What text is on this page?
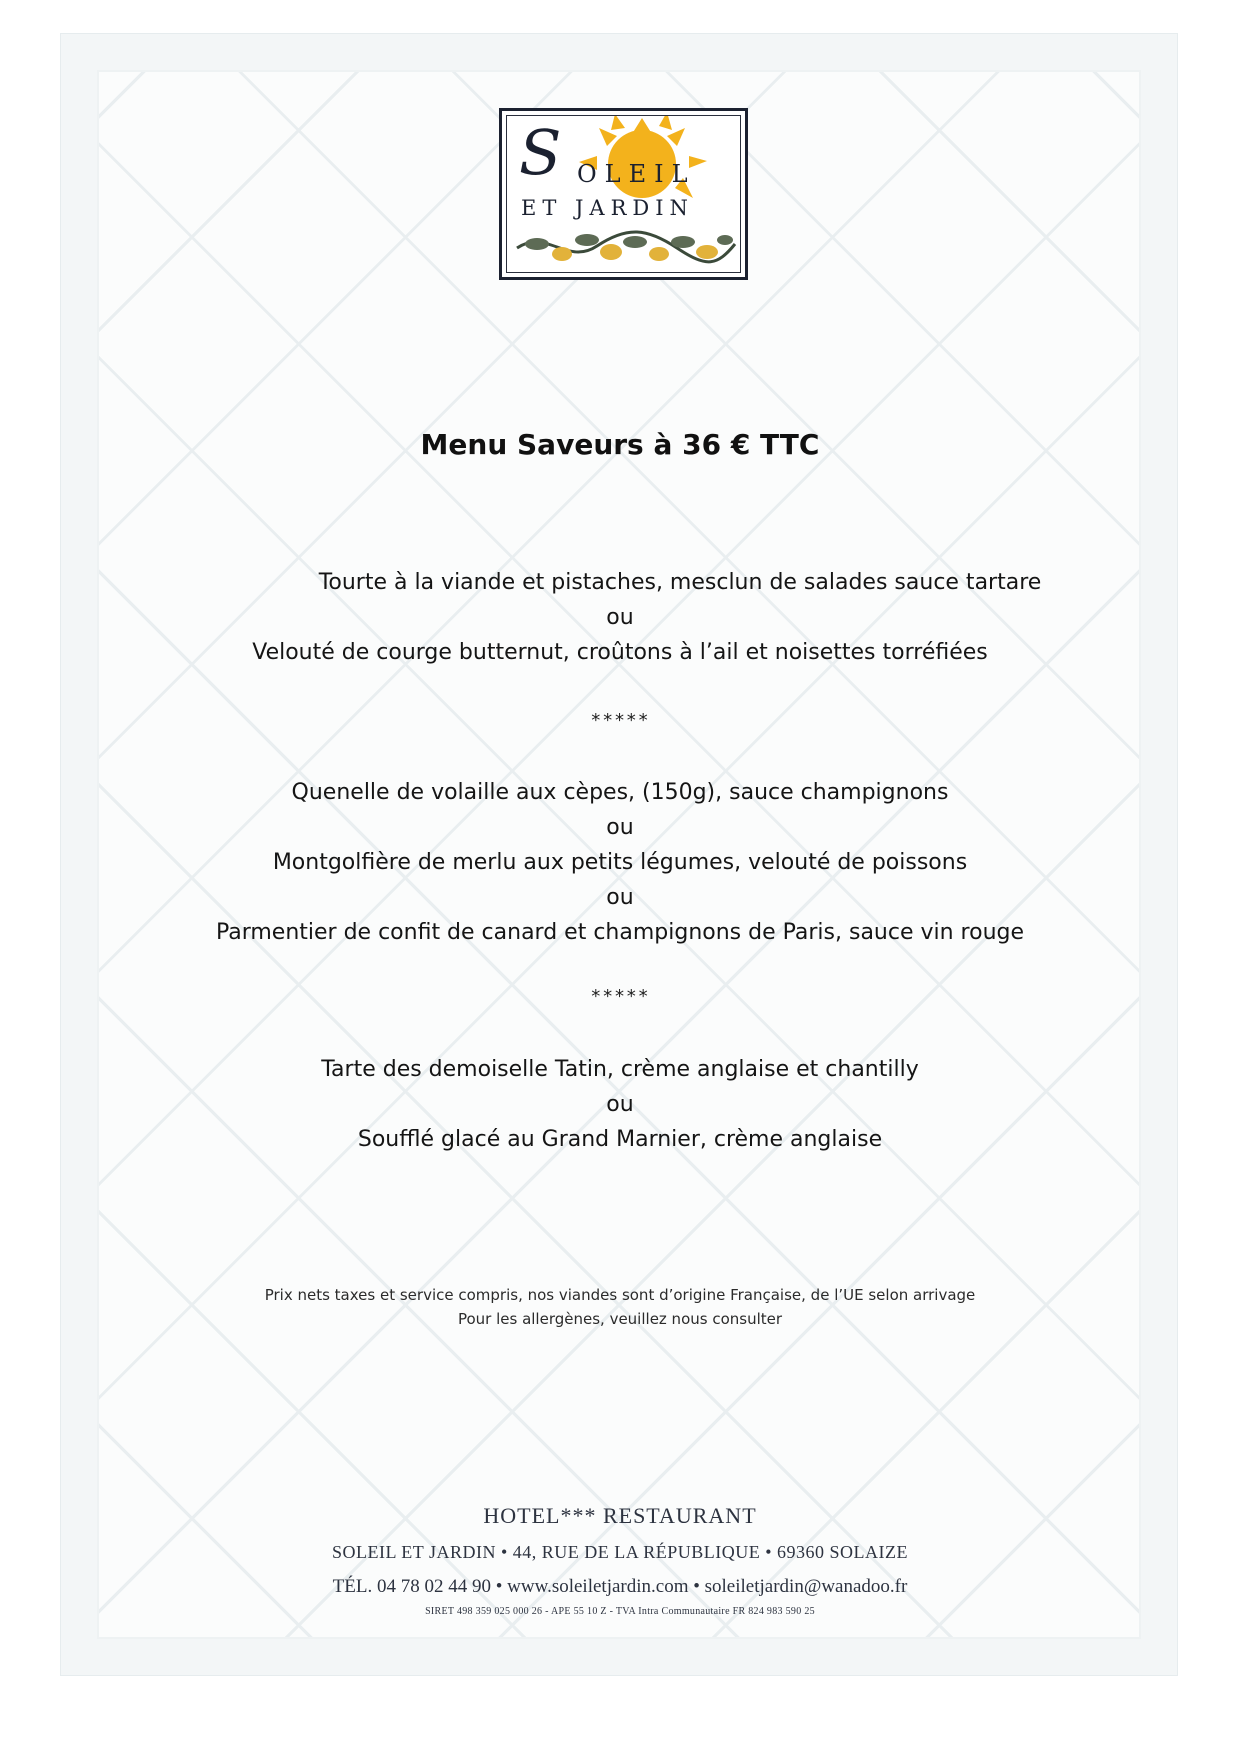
S OLEIL
ET JARDIN
Menu Saveurs à 36 € TTC
Tourte à la viande et pistaches, mesclun de salades sauce tartare
ou
Velouté de courge butternut, croûtons à l’ail et noisettes torréfiées
*****
Quenelle de volaille aux cèpes, (150g), sauce champignons
ou
Montgolfière de merlu aux petits légumes, velouté de poissons
ou
Parmentier de confit de canard et champignons de Paris, sauce vin rouge
*****
Tarte des demoiselle Tatin, crème anglaise et chantilly
ou
Soufflé glacé au Grand Marnier, crème anglaise
Prix nets taxes et service compris, nos viandes sont d’origine Française, de l’UE selon arrivage
Pour les allergènes, veuillez nous consulter
HOTEL*** RESTAURANT
SOLEIL ET JARDIN • 44, RUE DE LA RÉPUBLIQUE • 69360 SOLAIZE
TÉL. 04 78 02 44 90 • www.soleiletjardin.com • soleiletjardin@wanadoo.fr
SIRET 498 359 025 000 26 - APE 55 10 Z - TVA Intra Communautaire FR 824 983 590 25
